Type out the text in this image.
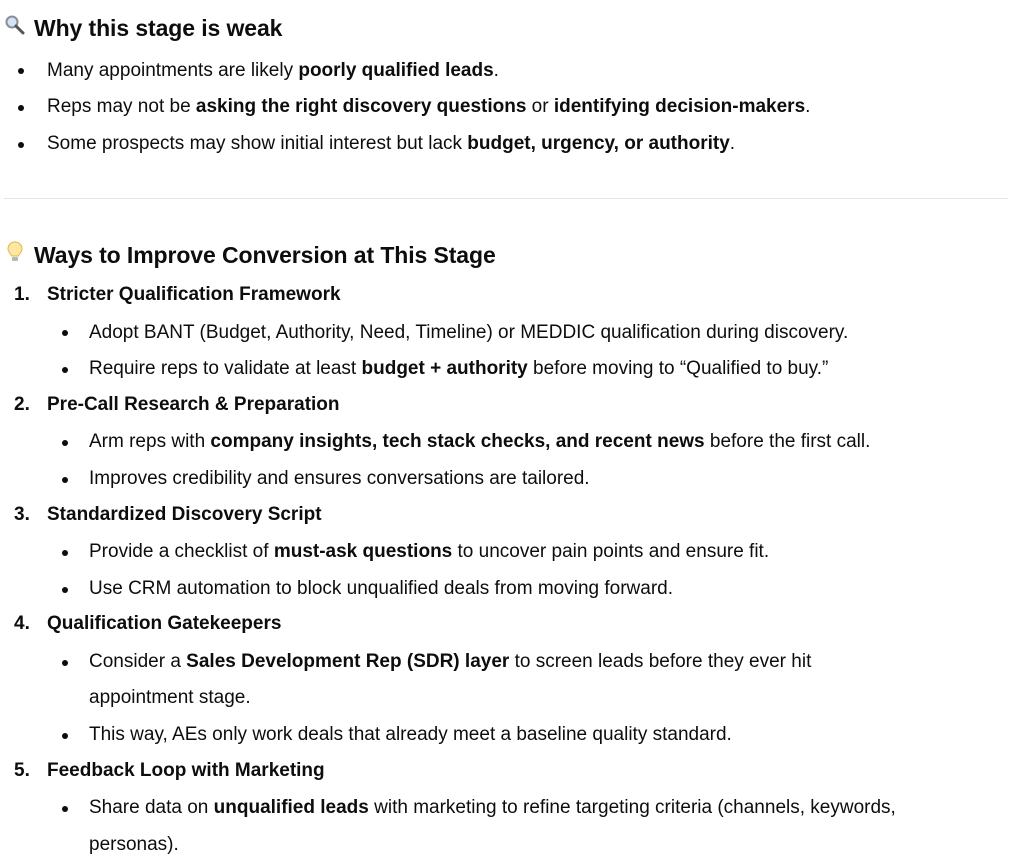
Why this stage is weak
Many appointments are likely poorly qualified leads.
Reps may not be asking the right discovery questions or identifying decision-makers.
Some prospects may show initial interest but lack budget, urgency, or authority.
Ways to Improve Conversion at This Stage
1. Stricter Qualification Framework
Adopt BANT (Budget, Authority, Need, Timeline) or MEDDIC qualification during discovery.
Require reps to validate at least budget + authority before moving to “Qualified to buy.”
2. Pre-Call Research & Preparation
Arm reps with company insights, tech stack checks, and recent news before the first call.
Improves credibility and ensures conversations are tailored.
3. Standardized Discovery Script
Provide a checklist of must-ask questions to uncover pain points and ensure fit.
Use CRM automation to block unqualified deals from moving forward.
4. Qualification Gatekeepers
Consider a Sales Development Rep (SDR) layer to screen leads before they ever hit
appointment stage.
This way, AEs only work deals that already meet a baseline quality standard.
5. Feedback Loop with Marketing
Share data on unqualified leads with marketing to refine targeting criteria (channels, keywords,
personas).
